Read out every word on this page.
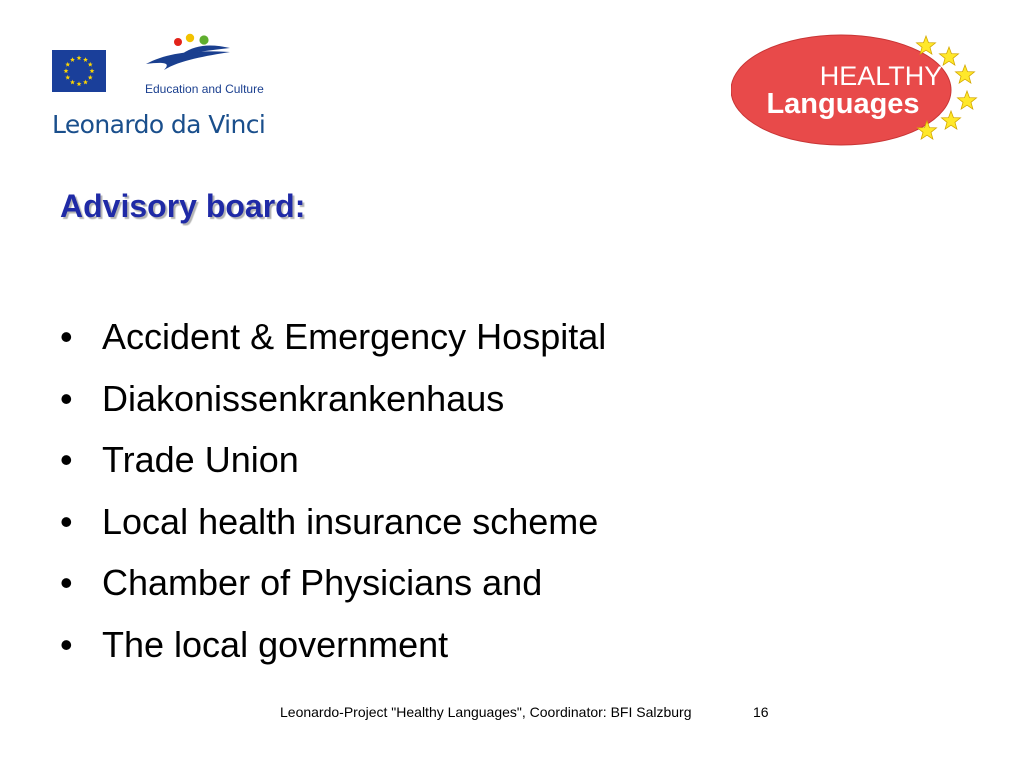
Education and Culture
Leonardo da Vinci
HEALTHY
Languages
Advisory board:
• Accident & Emergency Hospital
• Diakonissenkrankenhaus
• Trade Union
• Local health insurance scheme
• Chamber of Physicians and
• The local government
Leonardo-Project "Healthy Languages", Coordinator: BFI Salzburg	16
